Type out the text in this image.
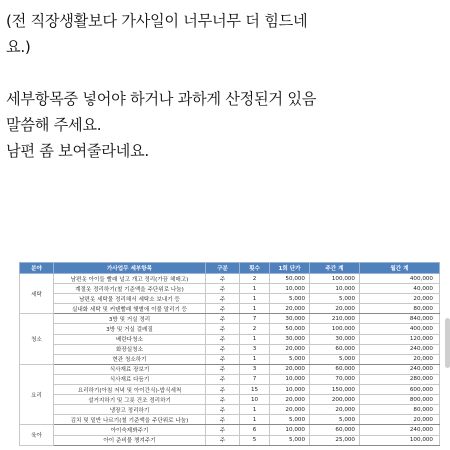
(전 직장생활보다 가사일이 너무너무 더 힘드네
요.)
세부항목중 넣어야 하거나 과하게 산정된거 있음
말씀해 주세요.
남편 좀 보여줄라네요.
분야	가사업무 세부항목	구분	횟수	1회 단가	주간 계	월간 계
세탁	남편옷 아이들 빨래 널고 개고 정리(가끔 헤매고)	주	2	50,000	100,000	400,000
	계절옷 정리하기(철 기준액을 주단위로 나눔)	주	1	10,000	10,000	40,000
	남편옷 세탁물 정리해서 세탁소 보내기 등	주	1	5,000	5,000	20,000
	실내화 세탁 및 커텐빨래 햇볕에 이불 말리기 등	주	1	20,000	20,000	80,000
청소	3방 및 거실 정리	주	7	30,000	210,000	840,000
	3방 및 거실 걸레질	주	2	50,000	100,000	400,000
	베란다청소	주	1	30,000	30,000	120,000
	화장실청소	주	3	20,000	60,000	240,000
	현관 청소하기	주	1	5,000	5,000	20,000
요리	식사재료 장보기	주	3	20,000	60,000	240,000
	식사재료 다듬기	주	7	10,000	70,000	280,000
	요리하기(아침 저녁 및 아이간식)-밥식세척	주	15	10,000	150,000	600,000
	설거지하기 및 그릇 건조 정리하기	주	10	20,000	200,000	800,000
	냉장고 정리하기	주	1	20,000	20,000	80,000
	김치 및 밑반 나르기(철 기준액을 주단위로 나눔)	주	1	5,000	5,000	20,000
육아	아이숙제봐주기	주	6	10,000	60,000	240,000
	아이 준비물 챙겨주기	주	5	5,000	25,000	100,000
